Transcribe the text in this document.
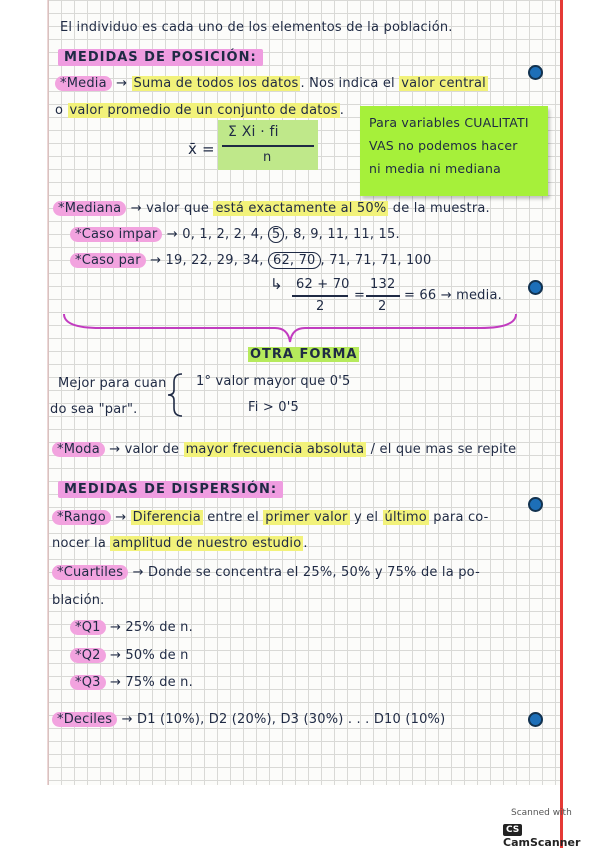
El individuo es cada uno de los elementos de la población.
MEDIDAS DE POSICIÓN:
*Media → Suma de todos los datos . Nos indica el valor central
o valor promedio de un conjunto de datos .
x̄ =
Σ Xi · fi
n
Para variables CUALITATI
VAS no podemos hacer
ni media ni mediana
*Mediana → valor que está exactamente al 50% de la muestra.
*Caso impar → 0, 1, 2, 2, 4, 5 , 8, 9, 11, 11, 15.
*Caso par → 19, 22, 29, 34, 62, 70 , 71, 71, 71, 100
↳ 62 + 70
2
=
132
2
= 66 → media.
OTRA FORMA
Mejor para cuan
do sea "par".
1° valor mayor que 0'5
Fi > 0'5
*Moda → valor de mayor frecuencia absoluta / el que mas se repite
MEDIDAS DE DISPERSIÓN:
*Rango → Diferencia entre el primer valor y el último para co-
nocer la amplitud de nuestro estudio .
*Cuartiles → Donde se concentra el 25%, 50% y 75% de la po-
blación.
*Q1 → 25% de n.
*Q2 → 50% de n
*Q3 → 75% de n.
*Deciles → D1 (10%), D2 (20%), D3 (30%) . . . D10 (10%)
Scanned with
CSCamScanner
